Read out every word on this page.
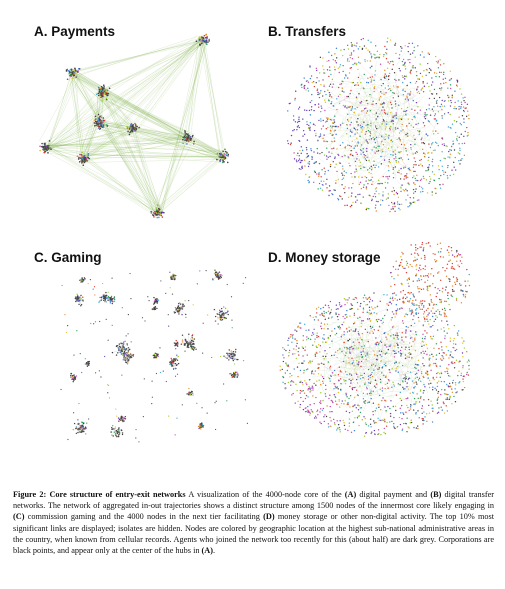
A. Payments	B. Transfers
C. Gaming	D. Money storage
Figure 2: Core structure of entry-exit networks A visualization of the 4000-node core of the (A) digital payment and (B) digital transfer networks. The network of aggregated in-out trajectories shows a distinct structure among 1500 nodes of the innermost core likely engaging in (C) commission gaming and the 4000 nodes in the next tier facilitating (D) money storage or other non-digital activity. The top 10% most significant links are displayed; isolates are hidden. Nodes are colored by geographic location at the highest sub-national administrative areas in the country, when known from cellular records. Agents who joined the network too recently for this (about half) are dark grey. Corporations are black points, and appear only at the center of the hubs in (A).
